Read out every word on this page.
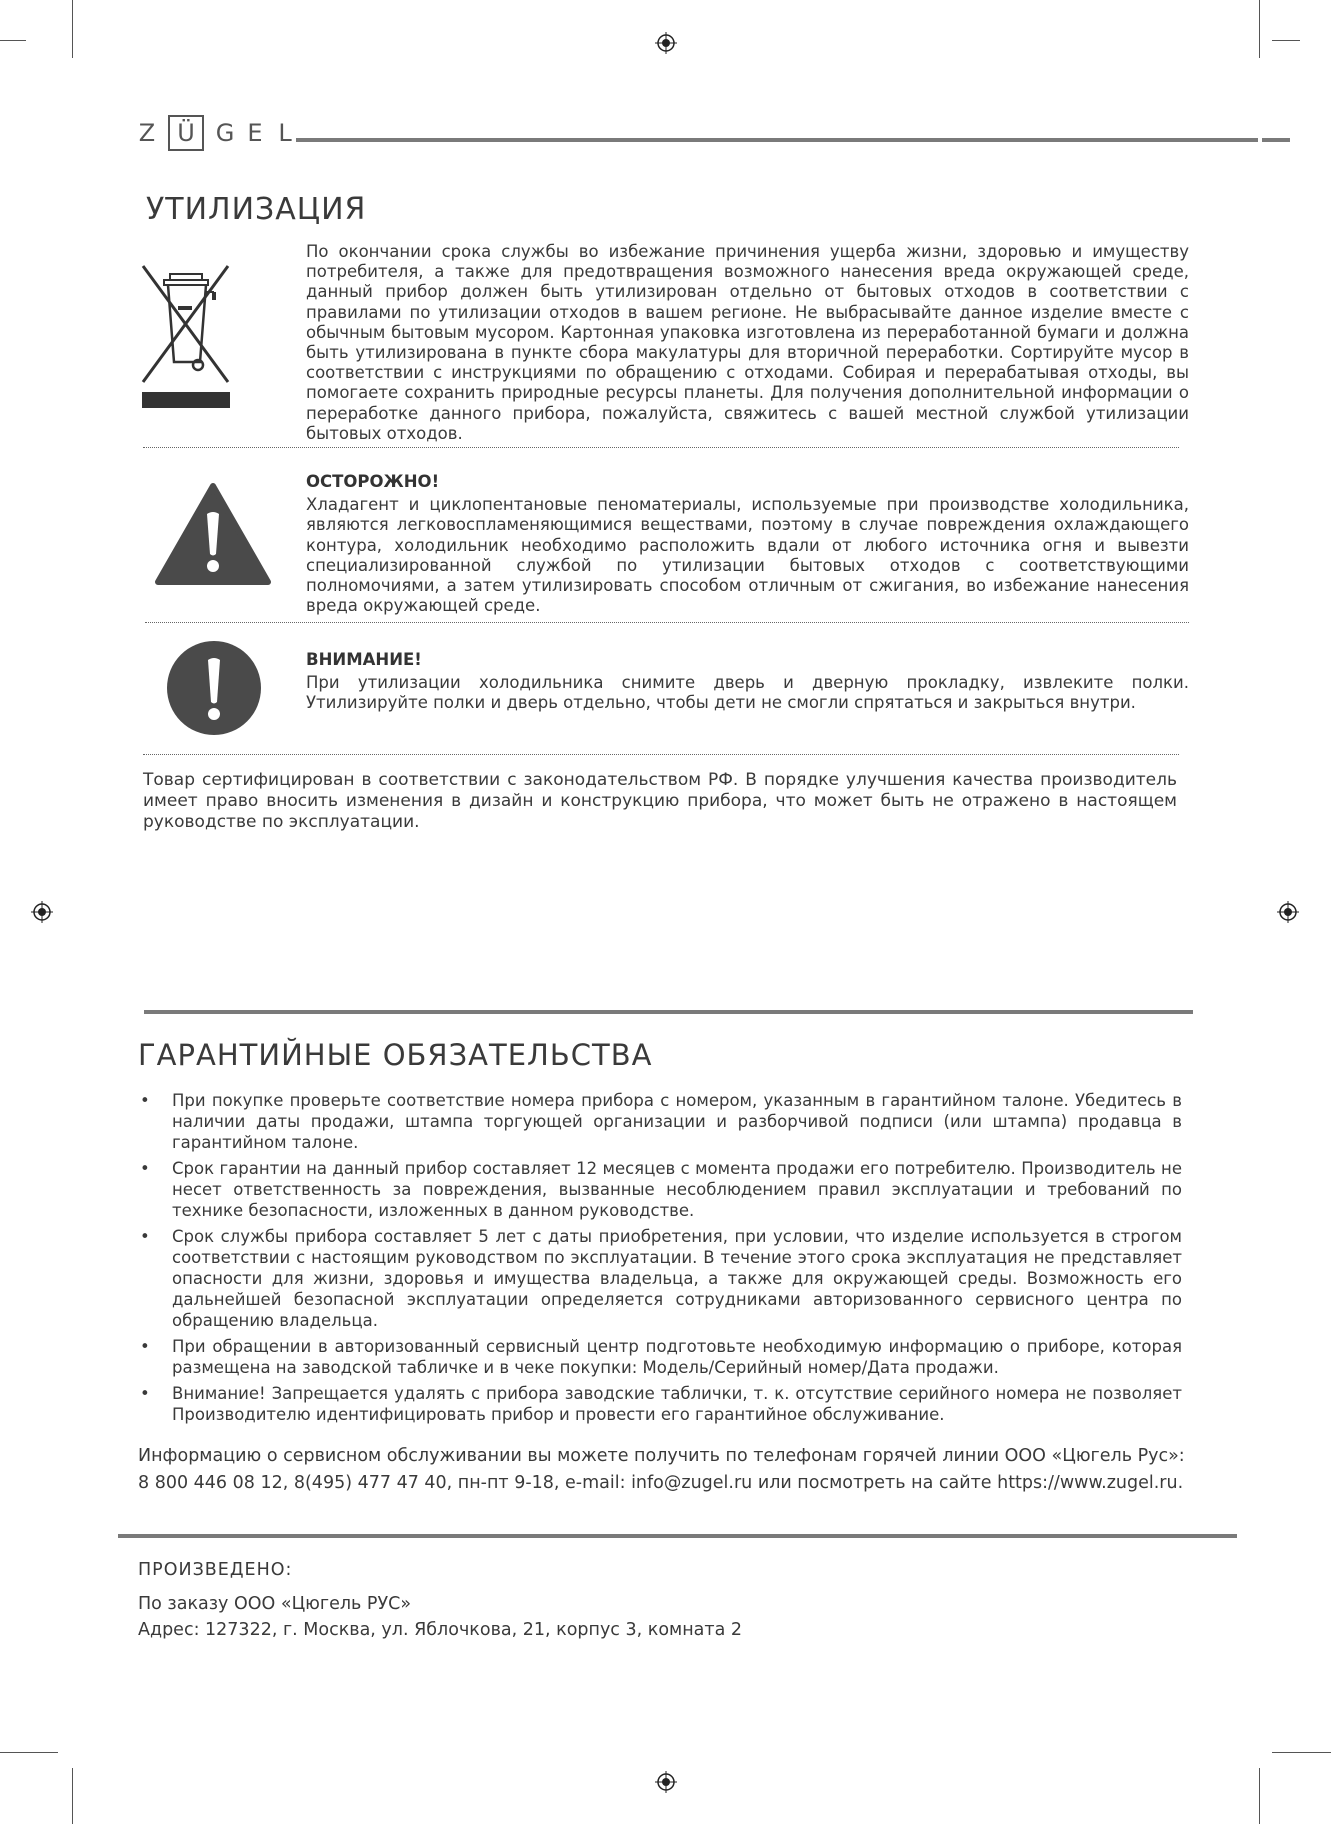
Z Ü G E L
УТИЛИЗАЦИЯ

По окончании срока службы во избежание причинения ущерба жизни, здоровью и имуществу потребителя, а также для предотвращения возможного нанесения вреда окружающей среде, данный прибор должен быть утилизирован отдельно от бытовых отходов в соответствии с правилами по утилизации отходов в вашем регионе. Не выбрасывайте данное изделие вместе с обычным бытовым мусором. Картонная упаковка изготовлена из переработанной бумаги и должна быть утилизирована в пункте сбора макулатуры для вторичной переработки. Сортируйте мусор в соответствии с инструкциями по обращению с отходами. Собирая и перерабатывая отходы, вы помогаете сохранить природные ресурсы планеты. Для получения дополнительной информации о переработке данного прибора, пожалуйста, свяжитесь с вашей местной службой утилизации бытовых отходов.

ОСТОРОЖНО!
Хладагент и циклопентановые пеноматериалы, используемые при производстве холодильника, являются легковоспламеняющимися веществами, поэтому в случае повреждения охлаждающего контура, холодильник необходимо расположить вдали от любого источника огня и вывезти специализированной службой по утилизации бытовых отходов с соответствующими полномочиями, а затем утилизировать способом отличным от сжигания, во избежание нанесения вреда окружающей среде.
ВНИМАНИЕ!
При утилизации холодильника снимите дверь и дверную прокладку, извлеките полки. Утилизируйте полки и дверь отдельно, чтобы дети не смогли спрятаться и закрыться внутри.

Товар сертифицирован в соответствии с законодательством РФ. В порядке улучшения качества производитель имеет право вносить изменения в дизайн и конструкцию прибора, что может быть не отражено в настоящем руководстве по эксплуатации.

ГАРАНТИЙНЫЕ ОБЯЗАТЕЛЬСТВА
• При покупке проверьте соответствие номера прибора с номером, указанным в гарантийном талоне. Убедитесь в наличии даты продажи, штампа торгующей организации и разборчивой подписи (или штампа) продавца в гарантийном талоне.
• Срок гарантии на данный прибор составляет 12 месяцев с момента продажи его потребителю. Производитель не несет ответственность за повреждения, вызванные несоблюдением правил эксплуатации и требований по технике безопасности, изложенных в данном руководстве.
• Срок службы прибора составляет 5 лет с даты приобретения, при условии, что изделие используется в строгом соответствии с настоящим руководством по эксплуатации. В течение этого срока эксплуатация не представляет опасности для жизни, здоровья и имущества владельца, а также для окружающей среды. Возможность его дальнейшей безопасной эксплуатации определяется сотрудниками авторизованного сервисного центра по обращению владельца.
• При обращении в авторизованный сервисный центр подготовьте необходимую информацию о приборе, которая размещена на заводской табличке и в чеке покупки: Модель/Серийный номер/Дата продажи.
• Внимание! Запрещается удалять с прибора заводские таблички, т. к. отсутствие серийного номера не позволяет Производителю идентифицировать прибор и провести его гарантийное обслуживание.

Информацию о сервисном обслуживании вы можете получить по телефонам горячей линии ООО «Цюгель Рус»:

8 800 446 08 12, 8(495) 477 47 40, пн-пт 9-18, e-mail: info@zugel.ru или посмотреть на сайте https://www.zugel.ru.

ПРОИЗВЕДЕНО:

По заказу ООО «Цюгель РУС»

Адрес: 127322, г. Москва, ул. Яблочкова, 21, корпус 3, комната 2
